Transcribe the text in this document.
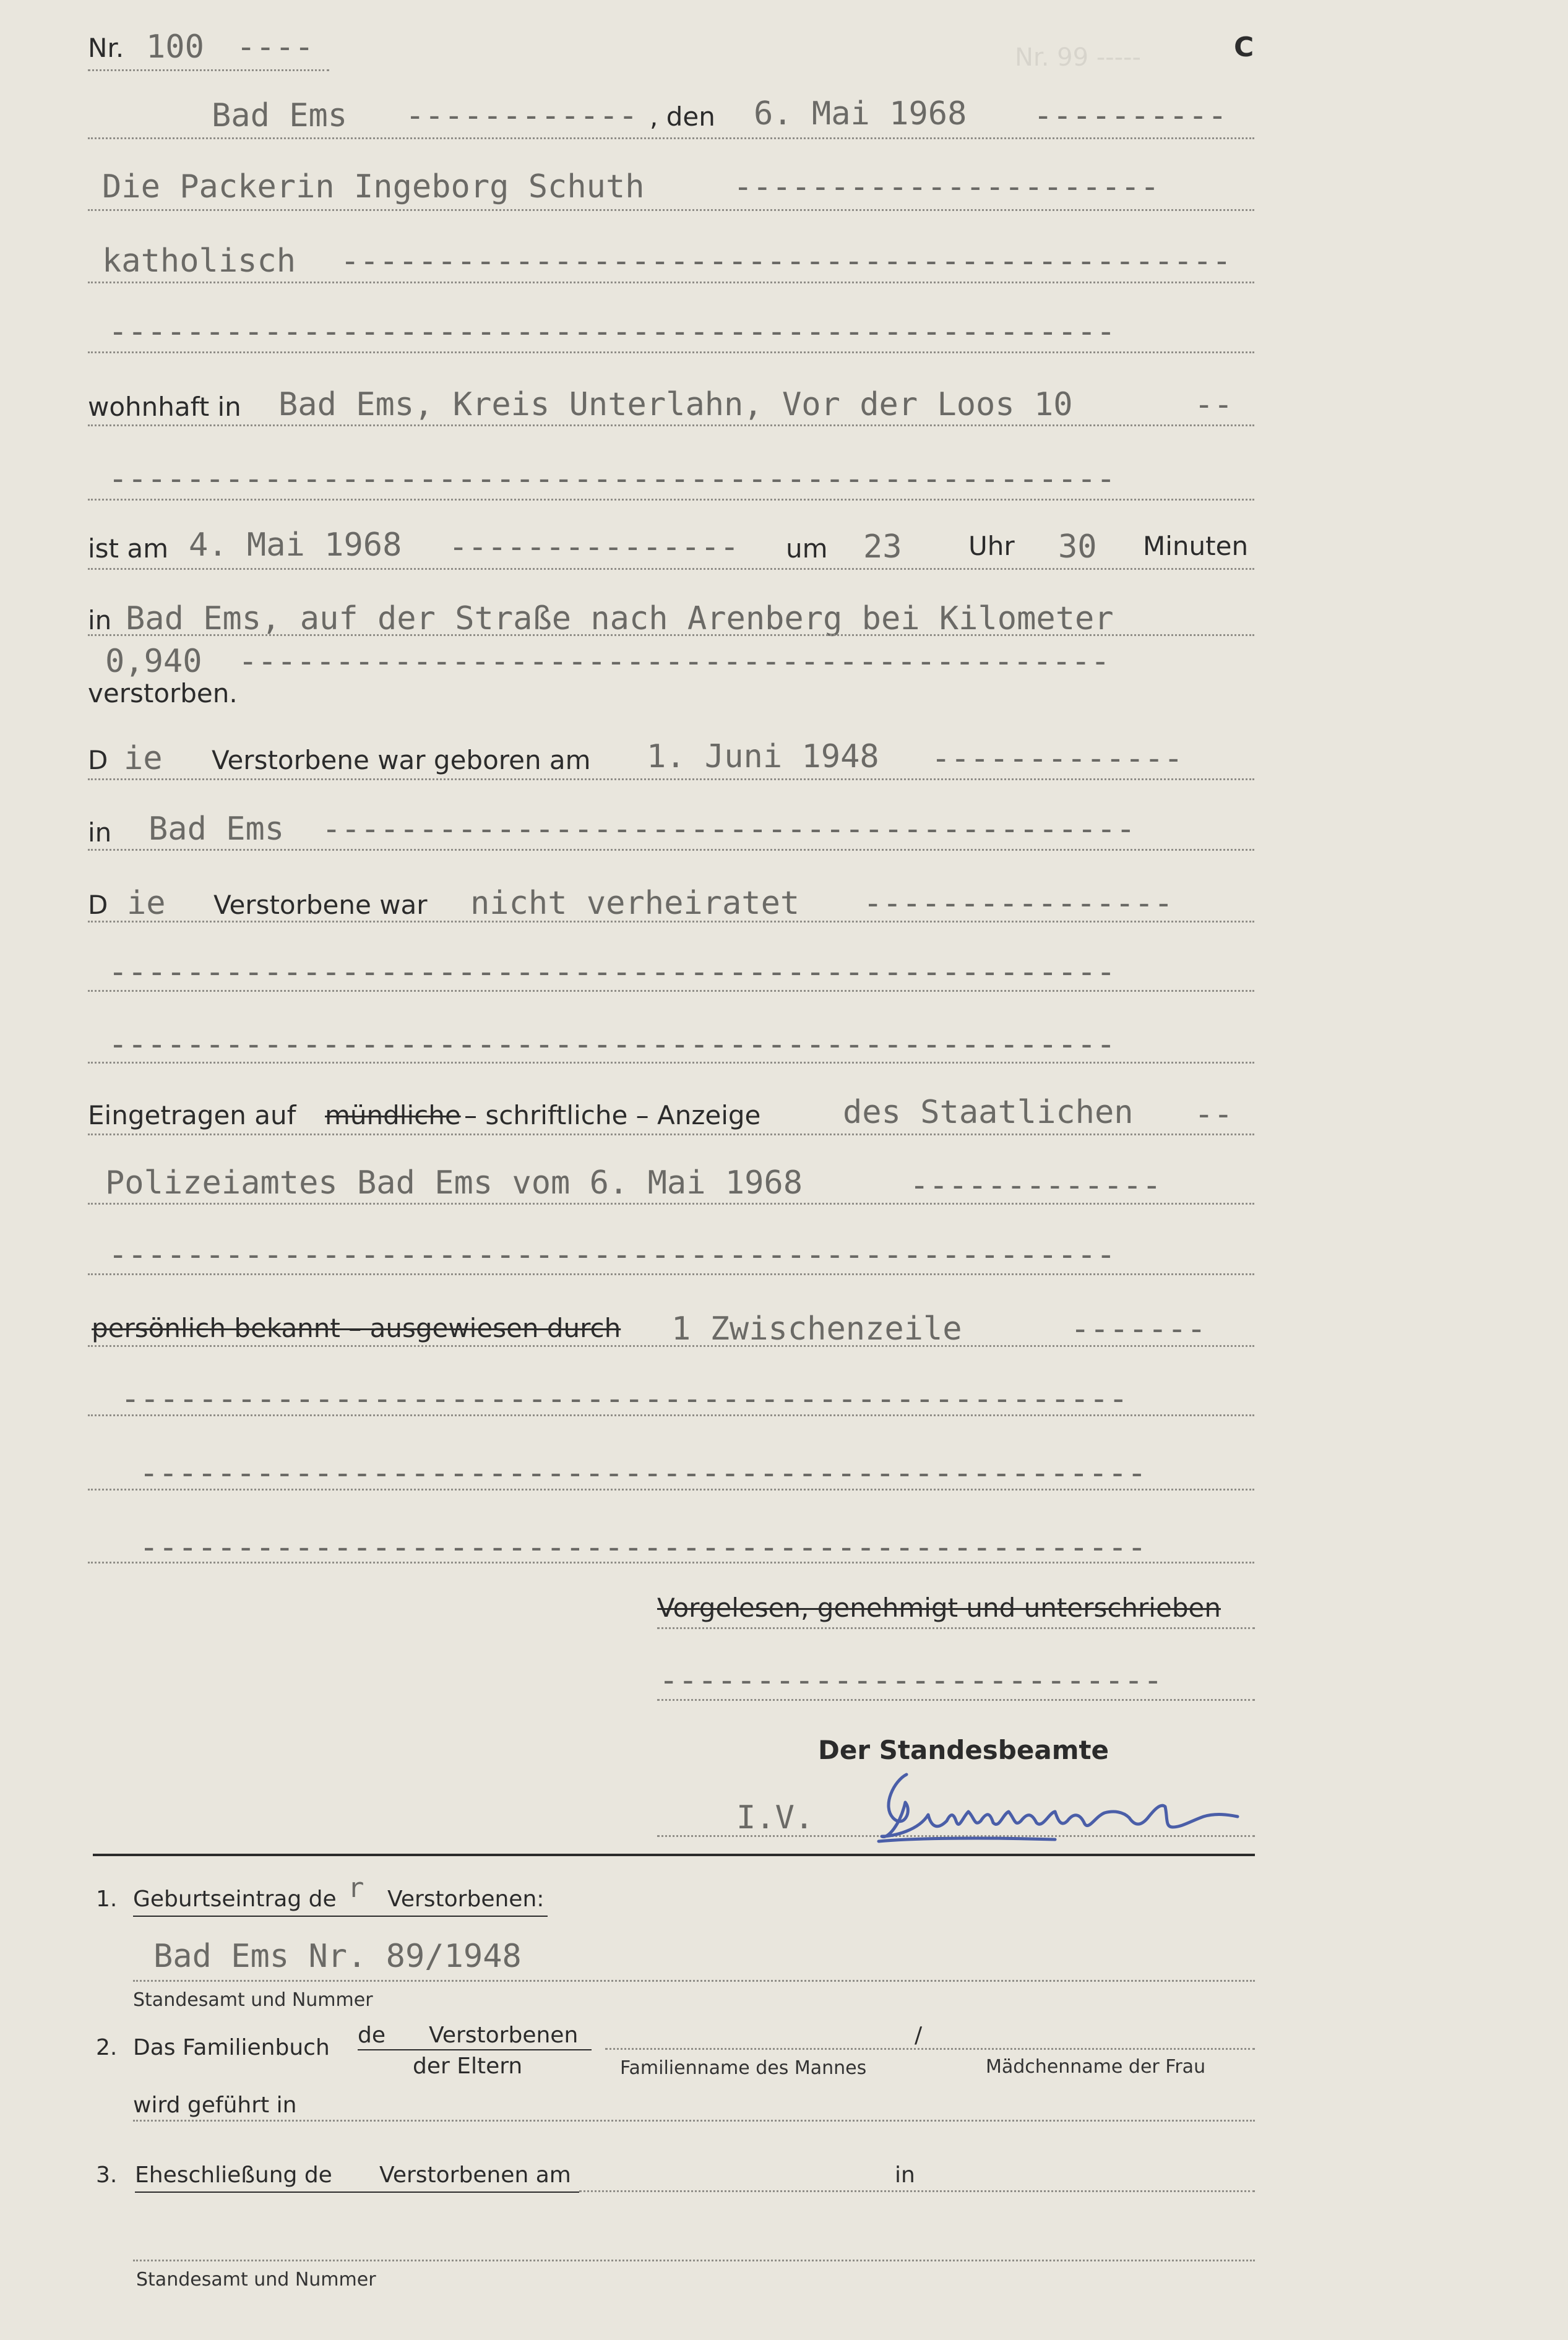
Nr. 99 -----
Nr. 100 ----	C
Bad Ems ------------ , den 6. Mai 1968 ----------
Die Packerin Ingeborg Schuth	----------------------
katholisch ----------------------------------------------
----------------------------------------------------
wohnhaft in Bad Ems, Kreis Unterlahn, Vor der Loos 10	--
----------------------------------------------------
ist am 4. Mai 1968 --------------- um 23	Uhr 30 Minuten
in Bad Ems, auf der Straße nach Arenberg bei Kilometer
0,940 ---------------------------------------------
verstorben.
D ie Verstorbene war geboren am 1. Juni 1948 -------------
in Bad Ems ------------------------------------------
D ie Verstorbene war nicht verheiratet ----------------
----------------------------------------------------
----------------------------------------------------
Eingetragen auf mündliche – schriftliche – Anzeige	des Staatlichen --
Polizeiamtes Bad Ems vom 6. Mai 1968	-------------
----------------------------------------------------
persönlich bekannt – ausgewiesen durch 1 Zwischenzeile	-------
----------------------------------------------------
----------------------------------------------------
----------------------------------------------------
Vorgelesen, genehmigt und unterschrieben
--------------------------
Der Standesbeamte
I.V.
1. Geburtseintrag de r Verstorbenen:
Bad Ems Nr. 89/1948
Standesamt und Nummer
2. Das Familienbuch de Verstorbenen	/
der Eltern	Familienname des Mannes	Mädchenname der Frau
wird geführt in
3. Eheschließung de Verstorbenen am	in
Standesamt und Nummer
